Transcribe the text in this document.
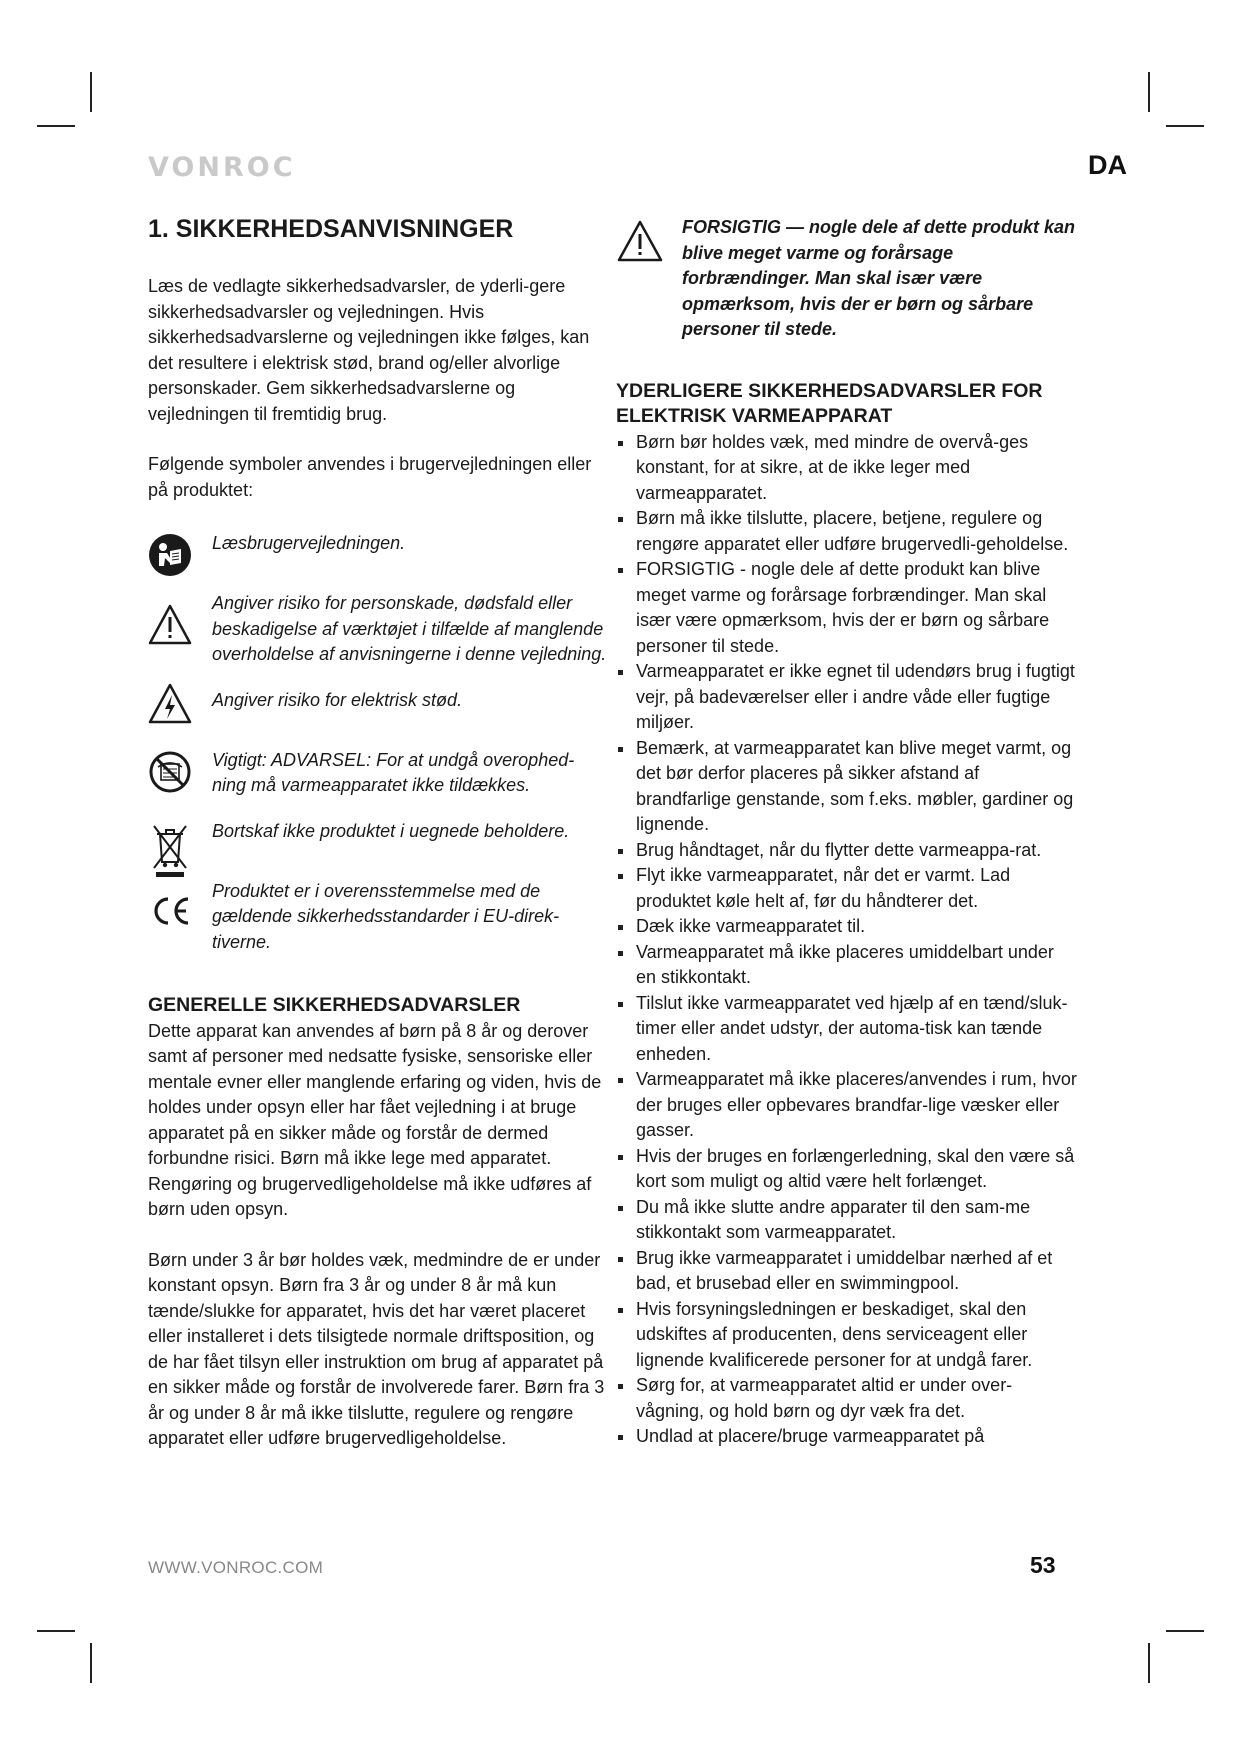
VONROC	DA
1. SIKKERHEDSANVISNINGER

Læs de vedlagte sikkerhedsadvarsler, de yderli-gere sikkerhedsadvarsler og vejledningen. Hvis sikkerhedsadvarslerne og vejledningen ikke følges, kan det resultere i elektrisk stød, brand og/eller alvorlige personskader. Gem sikkerhedsadvarslerne og vejledningen til fremtidig brug.

Følgende symboler anvendes i brugervejledningen eller på produktet:

Læsbrugervejledningen.
Angiver risiko for personskade, dødsfald eller beskadigelse af værktøjet i tilfælde af manglende overholdelse af anvisningerne i denne vejledning.
Angiver risiko for elektrisk stød.
Vigtigt: ADVARSEL: For at undgå overophed-ning må varmeapparatet ikke tildækkes.
Bortskaf ikke produktet i uegnede beholdere.
Produktet er i overensstemmelse med de gældende sikkerhedsstandarder i EU-direk-tiverne.
GENERELLE SIKKERHEDSADVARSLER

Dette apparat kan anvendes af børn på 8 år og derover samt af personer med nedsatte fysiske, sensoriske eller mentale evner eller manglende erfaring og viden, hvis de holdes under opsyn eller har fået vejledning i at bruge apparatet på en sikker måde og forstår de dermed forbundne risici. Børn må ikke lege med apparatet.

Rengøring og brugervedligeholdelse må ikke udføres af børn uden opsyn.

Børn under 3 år bør holdes væk, medmindre de er under konstant opsyn. Børn fra 3 år og under 8 år må kun tænde/slukke for apparatet, hvis det har været placeret eller installeret i dets tilsigtede normale driftsposition, og de har fået tilsyn eller instruktion om brug af apparatet på en sikker måde og forstår de involverede farer. Børn fra 3 år og under 8 år må ikke tilslutte, regulere og rengøre apparatet eller udføre brugervedligeholdelse.

FORSIGTIG — nogle dele af dette produkt kan blive meget varme og forårsage forbrændinger. Man skal især være opmærksom, hvis der er børn og sårbare personer til stede.
YDERLIGERE SIKKERHEDSADVARSLER FOR ELEKTRISK VARMEAPPARAT
Børn bør holdes væk, med mindre de overvå-ges konstant, for at sikre, at de ikke leger med varmeapparatet.
Børn må ikke tilslutte, placere, betjene, regulere og rengøre apparatet eller udføre brugervedli-geholdelse.
FORSIGTIG - nogle dele af dette produkt kan blive meget varme og forårsage forbrændinger. Man skal især være opmærksom, hvis der er børn og sårbare personer til stede.
Varmeapparatet er ikke egnet til udendørs brug i fugtigt vejr, på badeværelser eller i andre våde eller fugtige miljøer.
Bemærk, at varmeapparatet kan blive meget varmt, og det bør derfor placeres på sikker afstand af brandfarlige genstande, som f.eks. møbler, gardiner og lignende.
Brug håndtaget, når du flytter dette varmeappa-rat.
Flyt ikke varmeapparatet, når det er varmt. Lad produktet køle helt af, før du håndterer det.
Dæk ikke varmeapparatet til.
Varmeapparatet må ikke placeres umiddelbart under en stikkontakt.
Tilslut ikke varmeapparatet ved hjælp af en tænd/sluk-timer eller andet udstyr, der automa-tisk kan tænde enheden.
Varmeapparatet må ikke placeres/anvendes i rum, hvor der bruges eller opbevares brandfar-lige væsker eller gasser.
Hvis der bruges en forlængerledning, skal den være så kort som muligt og altid være helt forlænget.
Du må ikke slutte andre apparater til den sam-me stikkontakt som varmeapparatet.
Brug ikke varmeapparatet i umiddelbar nærhed af et bad, et brusebad eller en swimmingpool.
Hvis forsyningsledningen er beskadiget, skal den udskiftes af producenten, dens serviceagent eller lignende kvalificerede personer for at undgå farer.
Sørg for, at varmeapparatet altid er under over-vågning, og hold børn og dyr væk fra det.
Undlad at placere/bruge varmeapparatet på
WWW.VONROC.COM	53
